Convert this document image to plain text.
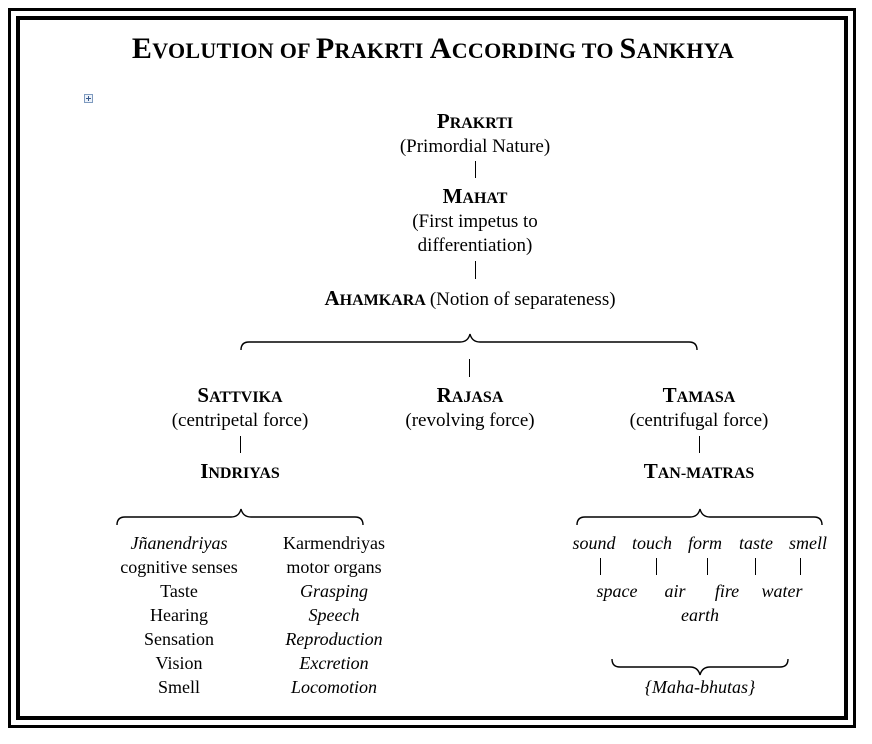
EVOLUTION OF PRAKRTI ACCORDING TO SANKHYA
PRAKRTI
(Primordial Nature)
MAHAT
(First impetus to
differentiation)
AHAMKARA (Notion of separateness)
SATTVIKA
(centripetal force)
RAJASA
(revolving force)
TAMASA
(centrifugal force)
INDRIYAS	TAN-MATRAS
Jñanendriyas
cognitive senses
Taste
Hearing
Sensation
Vision
Smell
Karmendriyas
motor organs
Grasping
Speech
Reproduction
Excretion
Locomotion
sound touch form taste smell
space air fire water
earth
{Maha-bhutas}
